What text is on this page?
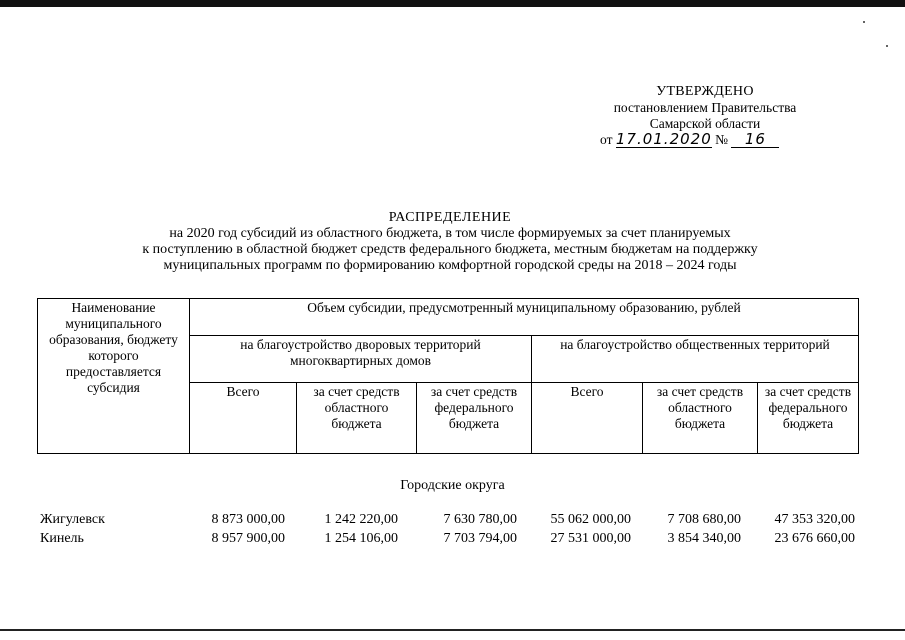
УТВЕРЖДЕНО
постановлением Правительства
Самарской области
от 17.01.2020 № 16
РАСПРЕДЕЛЕНИЕ
на 2020 год субсидий из областного бюджета, в том числе формируемых за счет планируемых
к поступлению в областной бюджет средств федерального бюджета, местным бюджетам на поддержку
муниципальных программ по формированию комфортной городской среды на 2018 – 2024 годы
Наименование муниципального образования, бюджету которого предоставляется субсидия	Объем субсидии, предусмотренный муниципальному образованию, рублей					
	на благоустройство дворовых территорий многоквартирных домов			на благоустройство общественных территорий		
	Всего	за счет средств областного бюджета	за счет средств федерального бюджета	Всего	за счет средств областного бюджета	за счет средств федерального бюджета
Городские округа
Жигулевск	8 873 000,00	1 242 220,00	7 630 780,00	55 062 000,00	7 708 680,00	47 353 320,00
Кинель	8 957 900,00	1 254 106,00	7 703 794,00	27 531 000,00	3 854 340,00	23 676 660,00
